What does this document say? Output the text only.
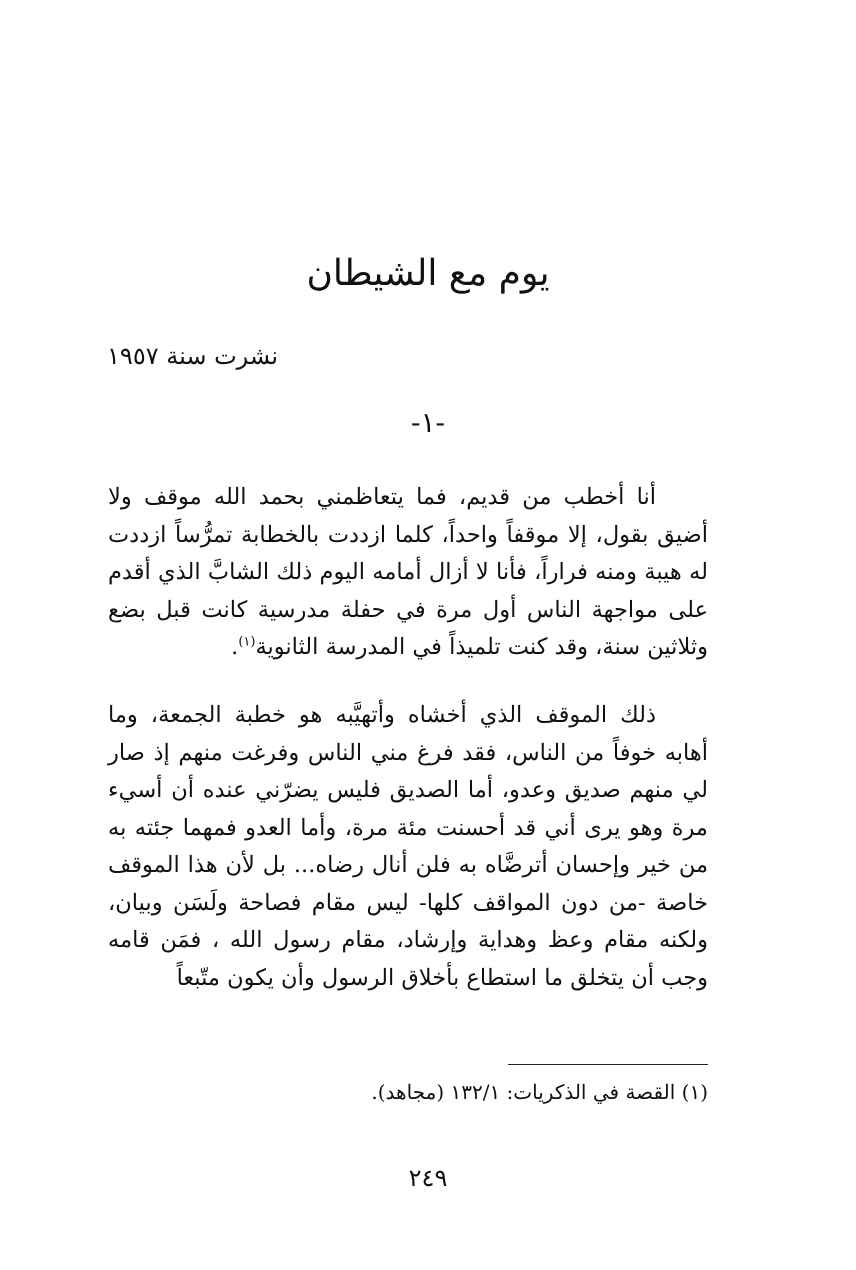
يوم مع الشيطان
نشرت سنة ١٩٥٧
-١-

أنا أخطب من قديم، فما يتعاظمني بحمد الله موقف ولا أضيق بقول، إلا موقفاً واحداً، كلما ازددت بالخطابة تمرُّساً ازددت له هيبة ومنه فراراً، فأنا لا أزال أمامه اليوم ذلك الشابَّ الذي أقدم على مواجهة الناس أول مرة في حفلة مدرسية كانت قبل بضع وثلاثين سنة، وقد كنت تلميذاً في المدرسة الثانوية$^{(١)}$.

ذلك الموقف الذي أخشاه وأتهيَّبه هو خطبة الجمعة، وما أهابه خوفاً من الناس، فقد فرغ مني الناس وفرغت منهم إذ صار لي منهم صديق وعدو، أما الصديق فليس يضرّني عنده أن أسيء مرة وهو يرى أني قد أحسنت مئة مرة، وأما العدو فمهما جئته به من خير وإحسان أترضَّاه به فلن أنال رضاه... بل لأن هذا الموقف خاصة -من دون المواقف كلها- ليس مقام فصاحة ولَسَن وبيان، ولكنه مقام وعظ وهداية وإرشاد، مقام رسول الله ، فمَن قامه وجب أن يتخلق ما استطاع بأخلاق الرسول وأن يكون متّبعاً

(١) القصة في الذكريات: ١٣٢/١ (مجاهد).
٢٤٩
